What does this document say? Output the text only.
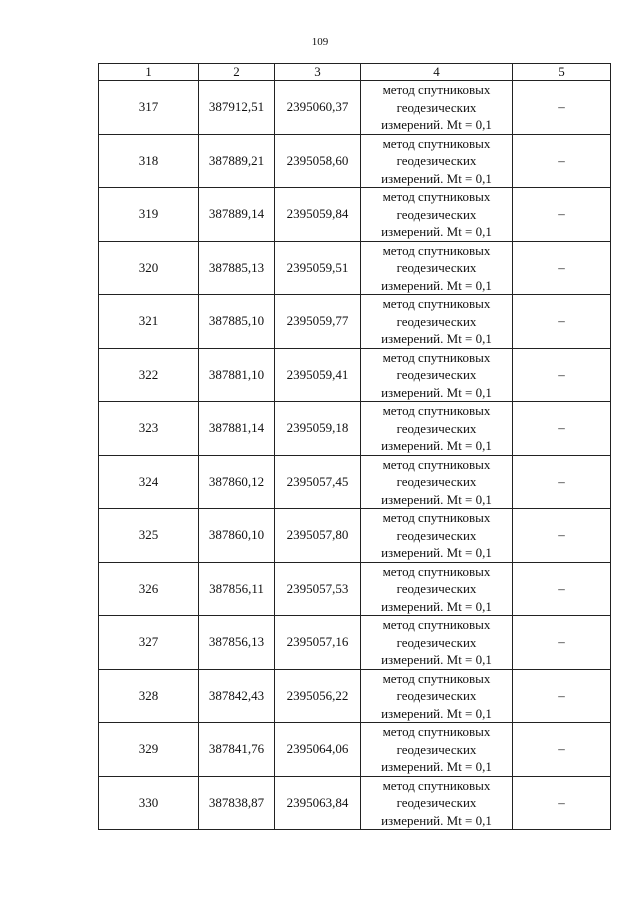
109
1	2	3	4	5
317	387912,51	2395060,37	метод спутниковых
геодезических
измерений. Mt = 0,1	–
318	387889,21	2395058,60	метод спутниковых
геодезических
измерений. Mt = 0,1	–
319	387889,14	2395059,84	метод спутниковых
геодезических
измерений. Mt = 0,1	–
320	387885,13	2395059,51	метод спутниковых
геодезических
измерений. Mt = 0,1	–
321	387885,10	2395059,77	метод спутниковых
геодезических
измерений. Mt = 0,1	–
322	387881,10	2395059,41	метод спутниковых
геодезических
измерений. Mt = 0,1	–
323	387881,14	2395059,18	метод спутниковых
геодезических
измерений. Mt = 0,1	–
324	387860,12	2395057,45	метод спутниковых
геодезических
измерений. Mt = 0,1	–
325	387860,10	2395057,80	метод спутниковых
геодезических
измерений. Mt = 0,1	–
326	387856,11	2395057,53	метод спутниковых
геодезических
измерений. Mt = 0,1	–
327	387856,13	2395057,16	метод спутниковых
геодезических
измерений. Mt = 0,1	–
328	387842,43	2395056,22	метод спутниковых
геодезических
измерений. Mt = 0,1	–
329	387841,76	2395064,06	метод спутниковых
геодезических
измерений. Mt = 0,1	–
330	387838,87	2395063,84	метод спутниковых
геодезических
измерений. Mt = 0,1	–
